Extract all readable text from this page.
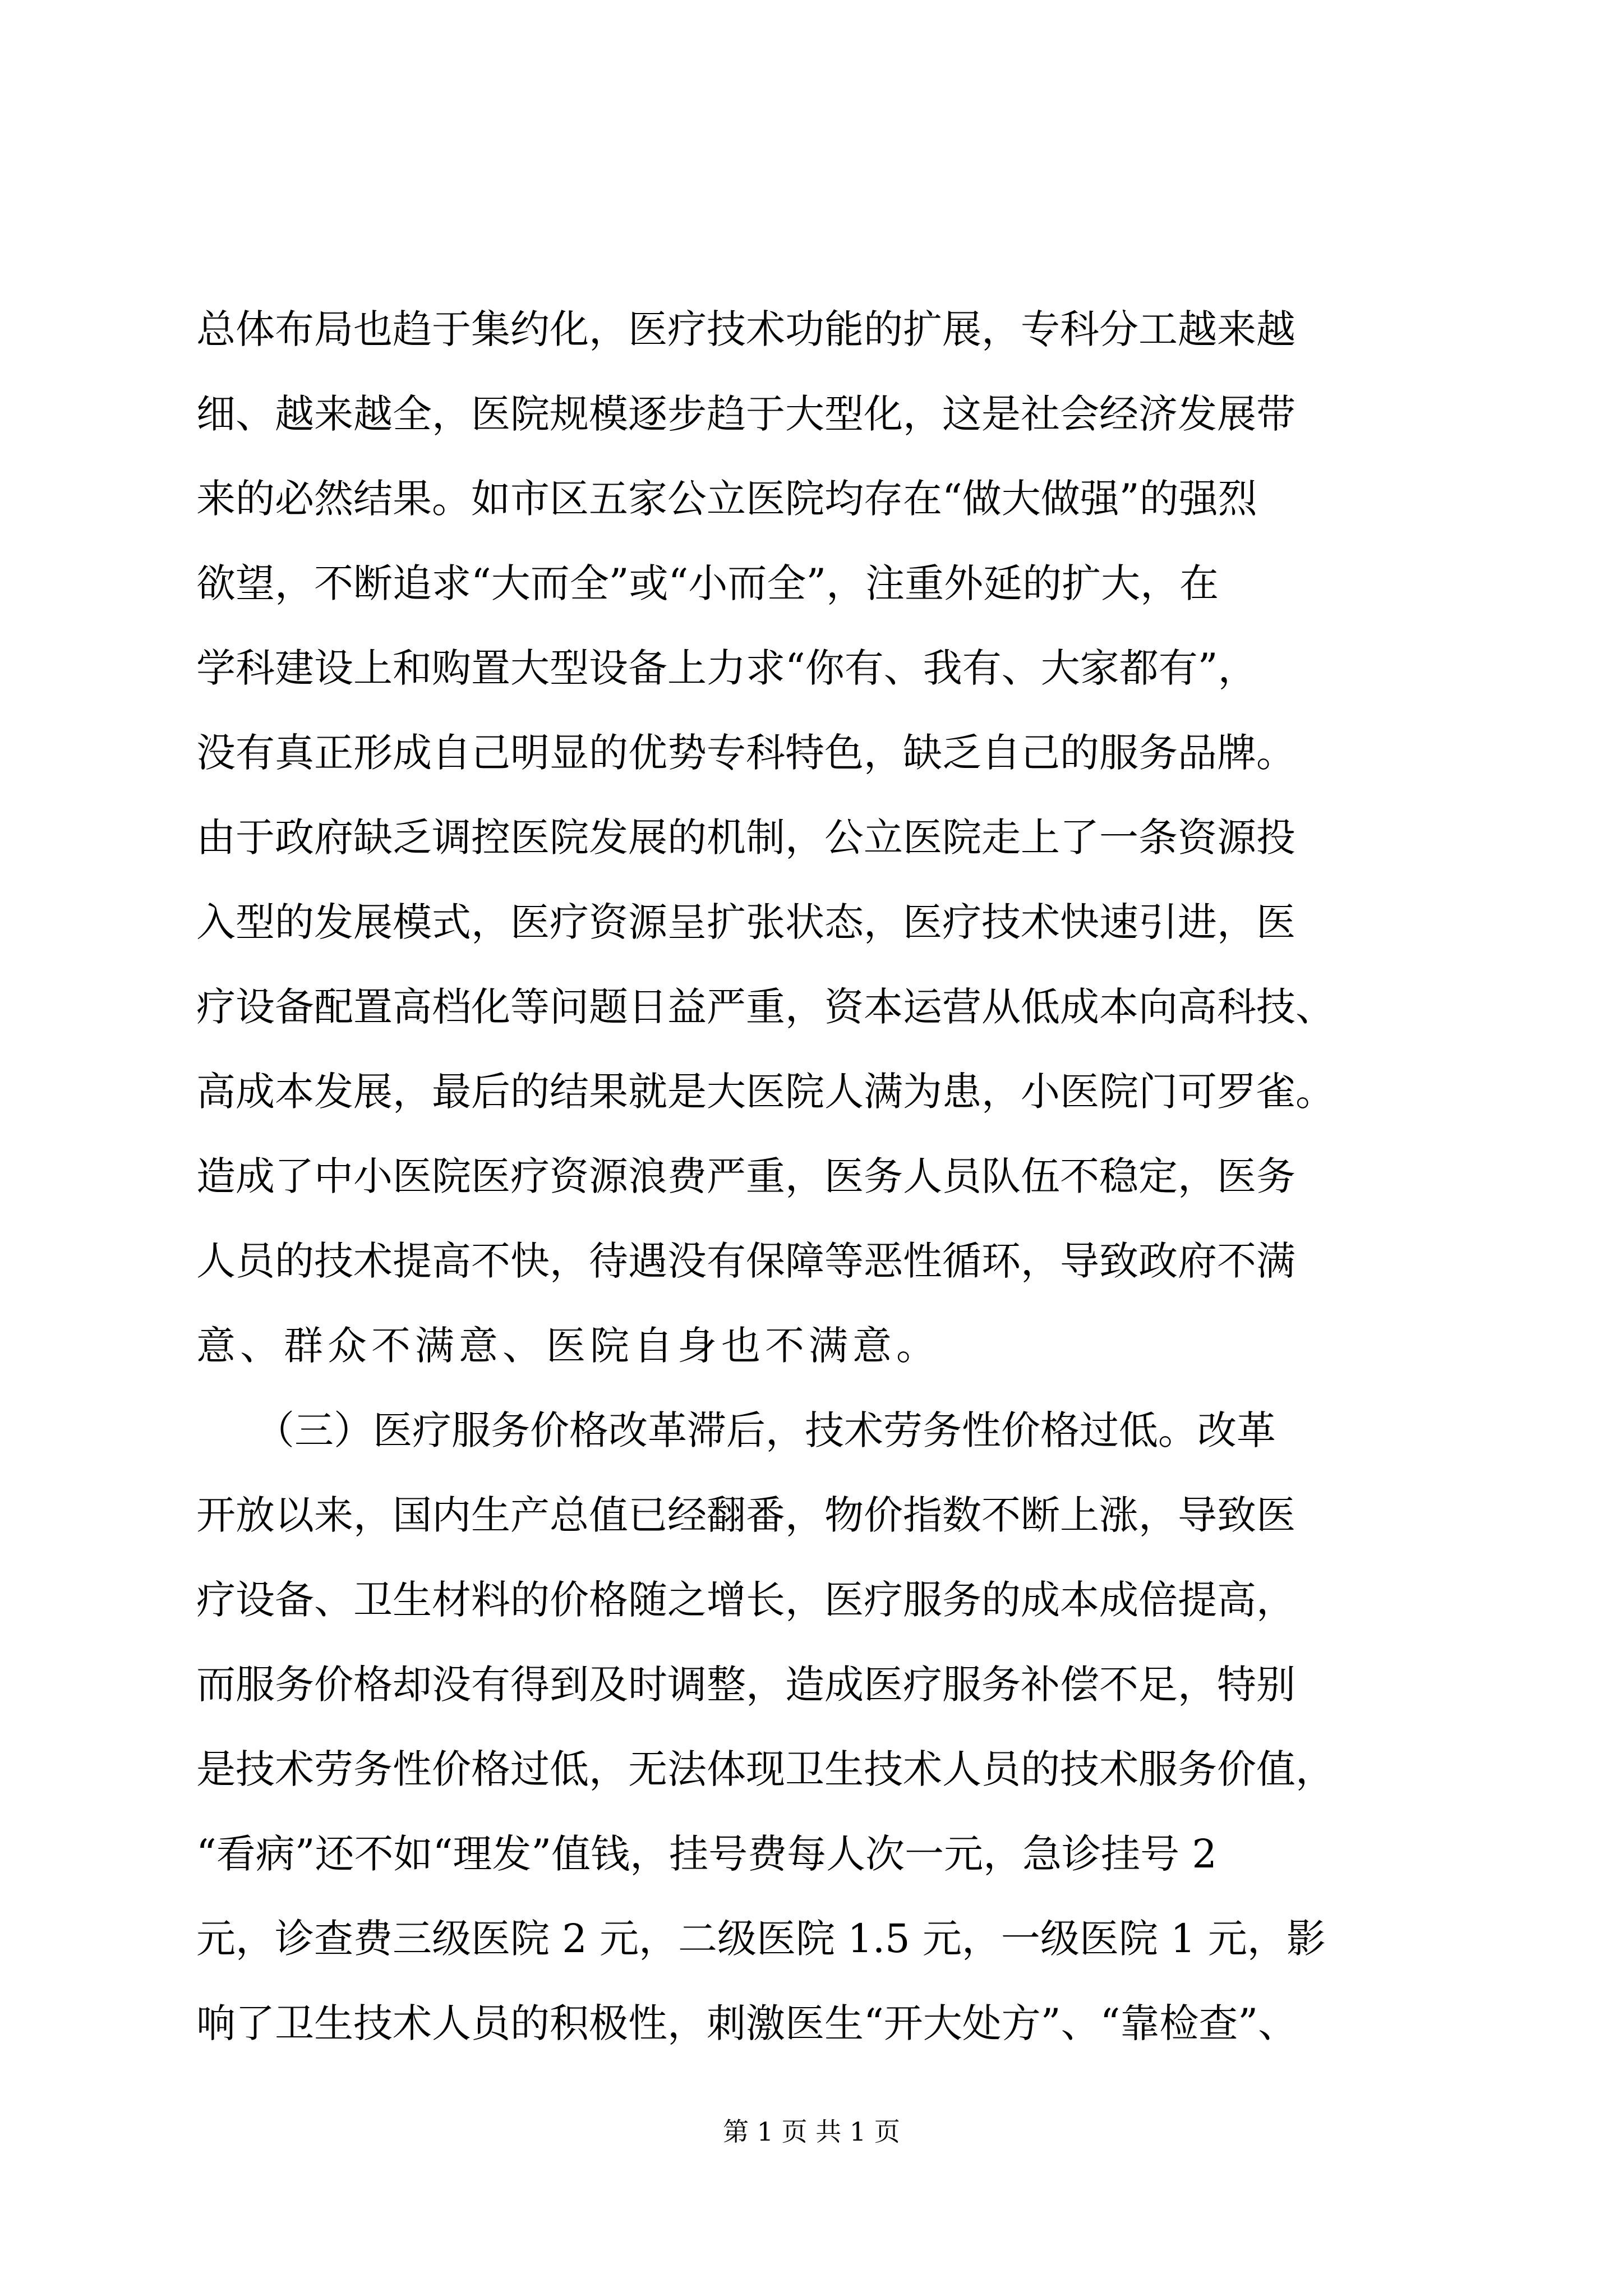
总体布局也趋于集约化，医疗技术功能的扩展，专科分工越来越
细、越来越全，医院规模逐步趋于大型化，这是社会经济发展带
来的必然结果。如市区五家公立医院均存在“做大做强”的强烈
欲望，不断追求“大而全”或“小而全”，注重外延的扩大，在
学科建设上和购置大型设备上力求“你有、我有、大家都有”，
没有真正形成自己明显的优势专科特色，缺乏自己的服务品牌。
由于政府缺乏调控医院发展的机制，公立医院走上了一条资源投
入型的发展模式，医疗资源呈扩张状态，医疗技术快速引进，医
疗设备配置高档化等问题日益严重，资本运营从低成本向高科技、
高成本发展，最后的结果就是大医院人满为患，小医院门可罗雀。
造成了中小医院医疗资源浪费严重，医务人员队伍不稳定，医务
人员的技术提高不快，待遇没有保障等恶性循环，导致政府不满
意、群众不满意、医院自身也不满意。
　　（三）医疗服务价格改革滞后，技术劳务性价格过低。改革
开放以来，国内生产总值已经翻番，物价指数不断上涨，导致医
疗设备、卫生材料的价格随之增长，医疗服务的成本成倍提高，
而服务价格却没有得到及时调整，造成医疗服务补偿不足，特别
是技术劳务性价格过低，无法体现卫生技术人员的技术服务价值，
“看病”还不如“理发”值钱，挂号费每人次一元，急诊挂号 2
元，诊查费三级医院 2 元，二级医院 1.5 元，一级医院 1 元，影
响了卫生技术人员的积极性，刺激医生“开大处方”、“靠检查”、
第 1 页 共 1 页
